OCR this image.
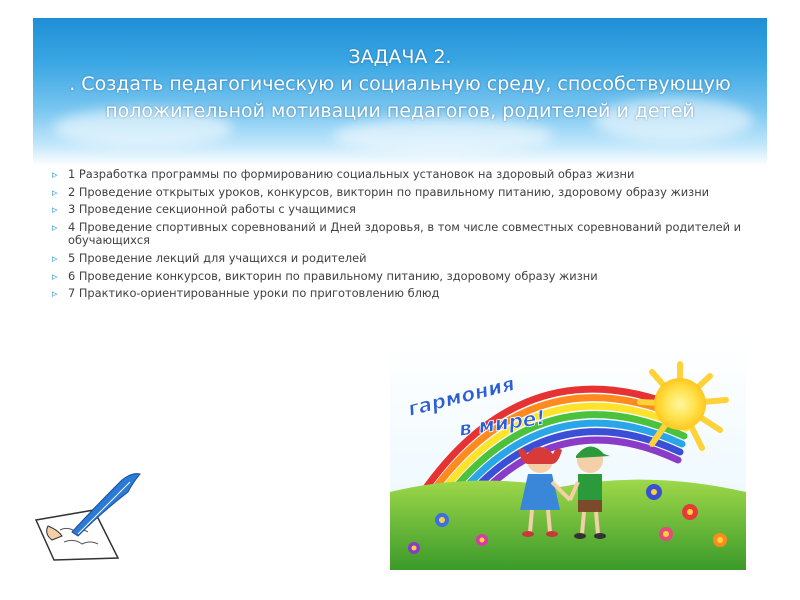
ЗАДАЧА 2.
. Создать педагогическую и социальную среду, способствующую
положительной мотивации педагогов, родителей и детей
▹ 1 Разработка программы по формированию социальных установок на здоровый образ жизни
▹ 2 Проведение открытых уроков, конкурсов, викторин по правильному питанию, здоровому образу жизни
▹ 3 Проведение секционной работы с учащимися
▹ 4 Проведение спортивных соревнований и Дней здоровья, в том числе совместных соревнований родителей и обучающихся
▹ 5 Проведение лекций для учащихся и родителей
▹ 6 Проведение конкурсов, викторин по правильному питанию, здоровому образу жизни
▹ 7 Практико-ориентированные уроки по приготовлению блюд
гармония
в мире!
